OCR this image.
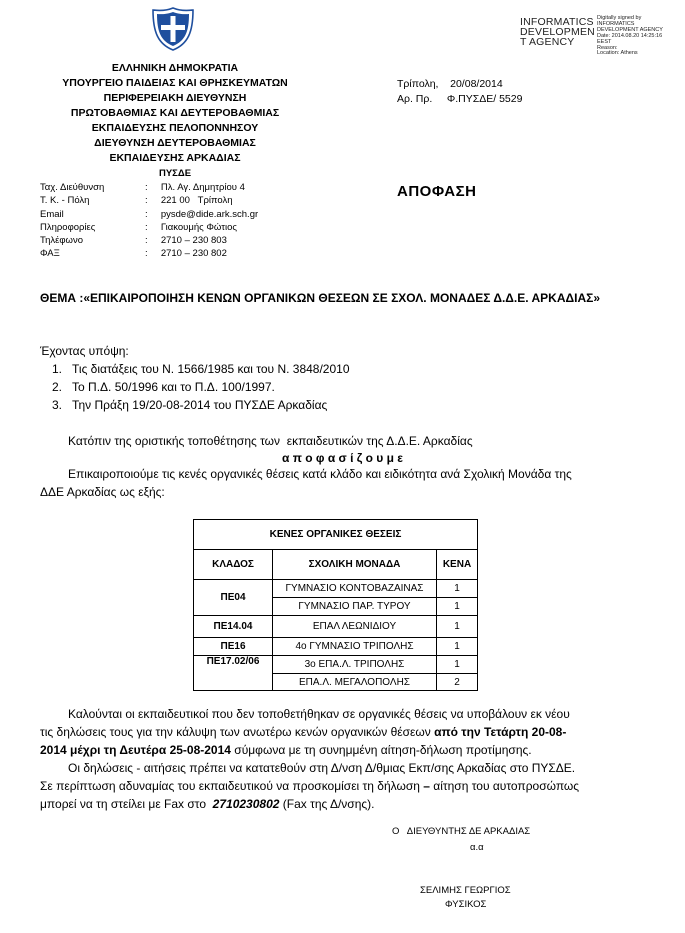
ΕΛΛΗΝΙΚΗ ΔΗΜΟΚΡΑΤΙΑ
ΥΠΟΥΡΓΕΙΟ ΠΑΙΔΕΙΑΣ ΚΑΙ ΘΡΗΣΚΕΥΜΑΤΩΝ
ΠΕΡΙΦΕΡΕΙΑΚΗ ΔΙΕΥΘΥΝΣΗ
ΠΡΩΤΟΒΑΘΜΙΑΣ ΚΑΙ ΔΕΥΤΕΡΟΒΑΘΜΙΑΣ
ΕΚΠΑΙΔΕΥΣΗΣ ΠΕΛΟΠΟΝΝΗΣΟΥ
ΔΙΕΥΘΥΝΣΗ ΔΕΥΤΕΡΟΒΑΘΜΙΑΣ
ΕΚΠΑΙΔΕΥΣΗΣ ΑΡΚΑΔΙΑΣ
ΠΥΣΔΕ
INFORMATICS
DEVELOPMEN
T AGENCY
Digitally signed by
INFORMATICS
DEVELOPMENT AGENCY
Date: 2014.08.20 14:25:16
EEST
Reason:
Location: Athens
Τρίπολη,    20/08/2014
Αρ. Πρ.     Φ.ΠΥΣΔΕ/ 5529
Ταχ. Διεύθυνση	:     Πλ. Αγ. Δημητρίου 4
Τ. Κ. - Πόλη	:     221 00   Τρίπολη
Email	:     pysde@dide.ark.sch.gr
Πληροφορίες	:     Γιακουμής Φώτιος
Τηλέφωνο	:     2710 – 230 803
ΦΑΞ	:     2710 – 230 802
ΑΠΟΦΑΣΗ
ΘΕΜΑ :«ΕΠΙΚΑΙΡΟΠΟΙΗΣΗ ΚΕΝΩΝ ΟΡΓΑΝΙΚΩΝ ΘΕΣΕΩΝ ΣΕ ΣΧΟΛ. ΜΟΝΑΔΕΣ Δ.Δ.Ε. ΑΡΚΑΔΙΑΣ»
Έχοντας υπόψη:
1.   Τις διατάξεις του Ν. 1566/1985 και του Ν. 3848/2010
2.   Το Π.Δ. 50/1996 και το Π.Δ. 100/1997.
3.   Την Πράξη 19/20-08-2014 του ΠΥΣΔΕ Αρκαδίας
Κατόπιν της οριστικής τοποθέτησης των  εκπαιδευτικών της Δ.Δ.Ε. Αρκαδίας
α π ο φ α σ ί ζ ο υ μ ε
Επικαιροποιούμε τις κενές οργανικές θέσεις κατά κλάδο και ειδικότητα ανά Σχολική Μονάδα της
ΔΔΕ Αρκαδίας ως εξής:
ΚΕΝΕΣ ΟΡΓΑΝΙΚΕΣ ΘΕΣΕΙΣ		
ΚΛΑΔΟΣ	ΣΧΟΛΙΚΗ ΜΟΝΑΔΑ	ΚΕΝΑ
ΠΕ04	ΓΥΜΝΑΣΙΟ ΚΟΝΤΟΒΑΖΑΙΝΑΣ	1
	ΓΥΜΝΑΣΙΟ ΠΑΡ. ΤΥΡΟΥ	1
ΠΕ14.04	ΕΠΑΛ ΛΕΩΝΙΔΙΟΥ	1
ΠΕ16	4ο ΓΥΜΝΑΣΙΟ ΤΡΙΠΟΛΗΣ	1
ΠΕ17.02/06	3ο ΕΠΑ.Λ. ΤΡΙΠΟΛΗΣ	1
	ΕΠΑ.Λ. ΜΕΓΑΛΟΠΟΛΗΣ	2
Καλούνται οι εκπαιδευτικοί που δεν τοποθετήθηκαν σε οργανικές θέσεις να υποβάλουν εκ νέου
τις δηλώσεις τους για την κάλυψη των ανωτέρω κενών οργανικών θέσεων από την Τετάρτη 20-08-
2014 μέχρι τη Δευτέρα 25-08-2014 σύμφωνα με τη συνημμένη αίτηση-δήλωση προτίμησης.
Οι δηλώσεις - αιτήσεις πρέπει να κατατεθούν στη Δ/νση Δ/θμιας Εκπ/σης Αρκαδίας στο ΠΥΣΔΕ.
Σε περίπτωση αδυναμίας του εκπαιδευτικού να προσκομίσει τη δήλωση – αίτηση του αυτοπροσώπως
μπορεί να τη στείλει με Fax στο  2710230802 (Fax της Δ/νσης).
Ο   ΔΙΕΥΘΥΝΤΗΣ ΔΕ ΑΡΚΑΔΙΑΣ
α.α
ΣΕΛΙΜΗΣ ΓΕΩΡΓΙΟΣ
ΦΥΣΙΚΟΣ
